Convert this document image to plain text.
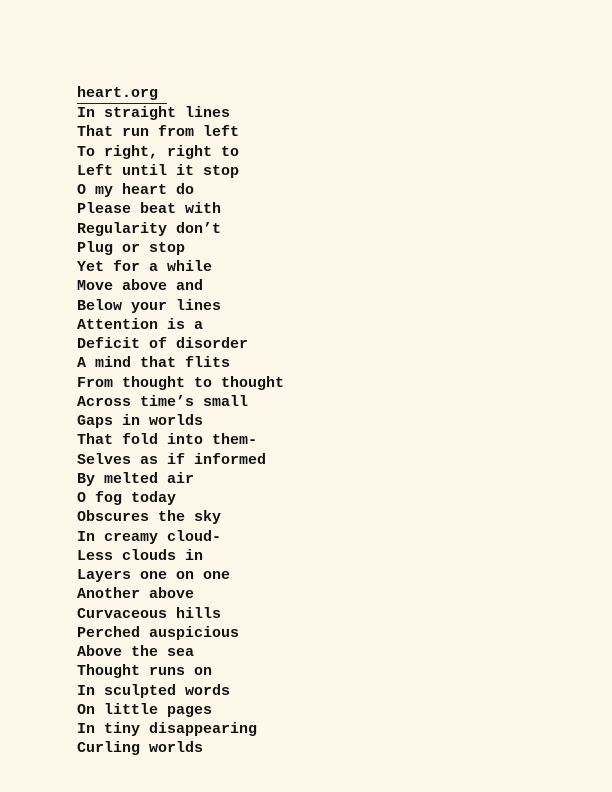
heart.org
In straight lines
That run from left
To right, right to
Left until it stop
O my heart do
Please beat with
Regularity don’t
Plug or stop
Yet for a while
Move above and
Below your lines
Attention is a
Deficit of disorder
A mind that flits
From thought to thought
Across time’s small
Gaps in worlds
That fold into them-
Selves as if informed
By melted air
O fog today
Obscures the sky
In creamy cloud-
Less clouds in
Layers one on one
Another above
Curvaceous hills
Perched auspicious
Above the sea
Thought runs on
In sculpted words
On little pages
In tiny disappearing
Curling worlds
